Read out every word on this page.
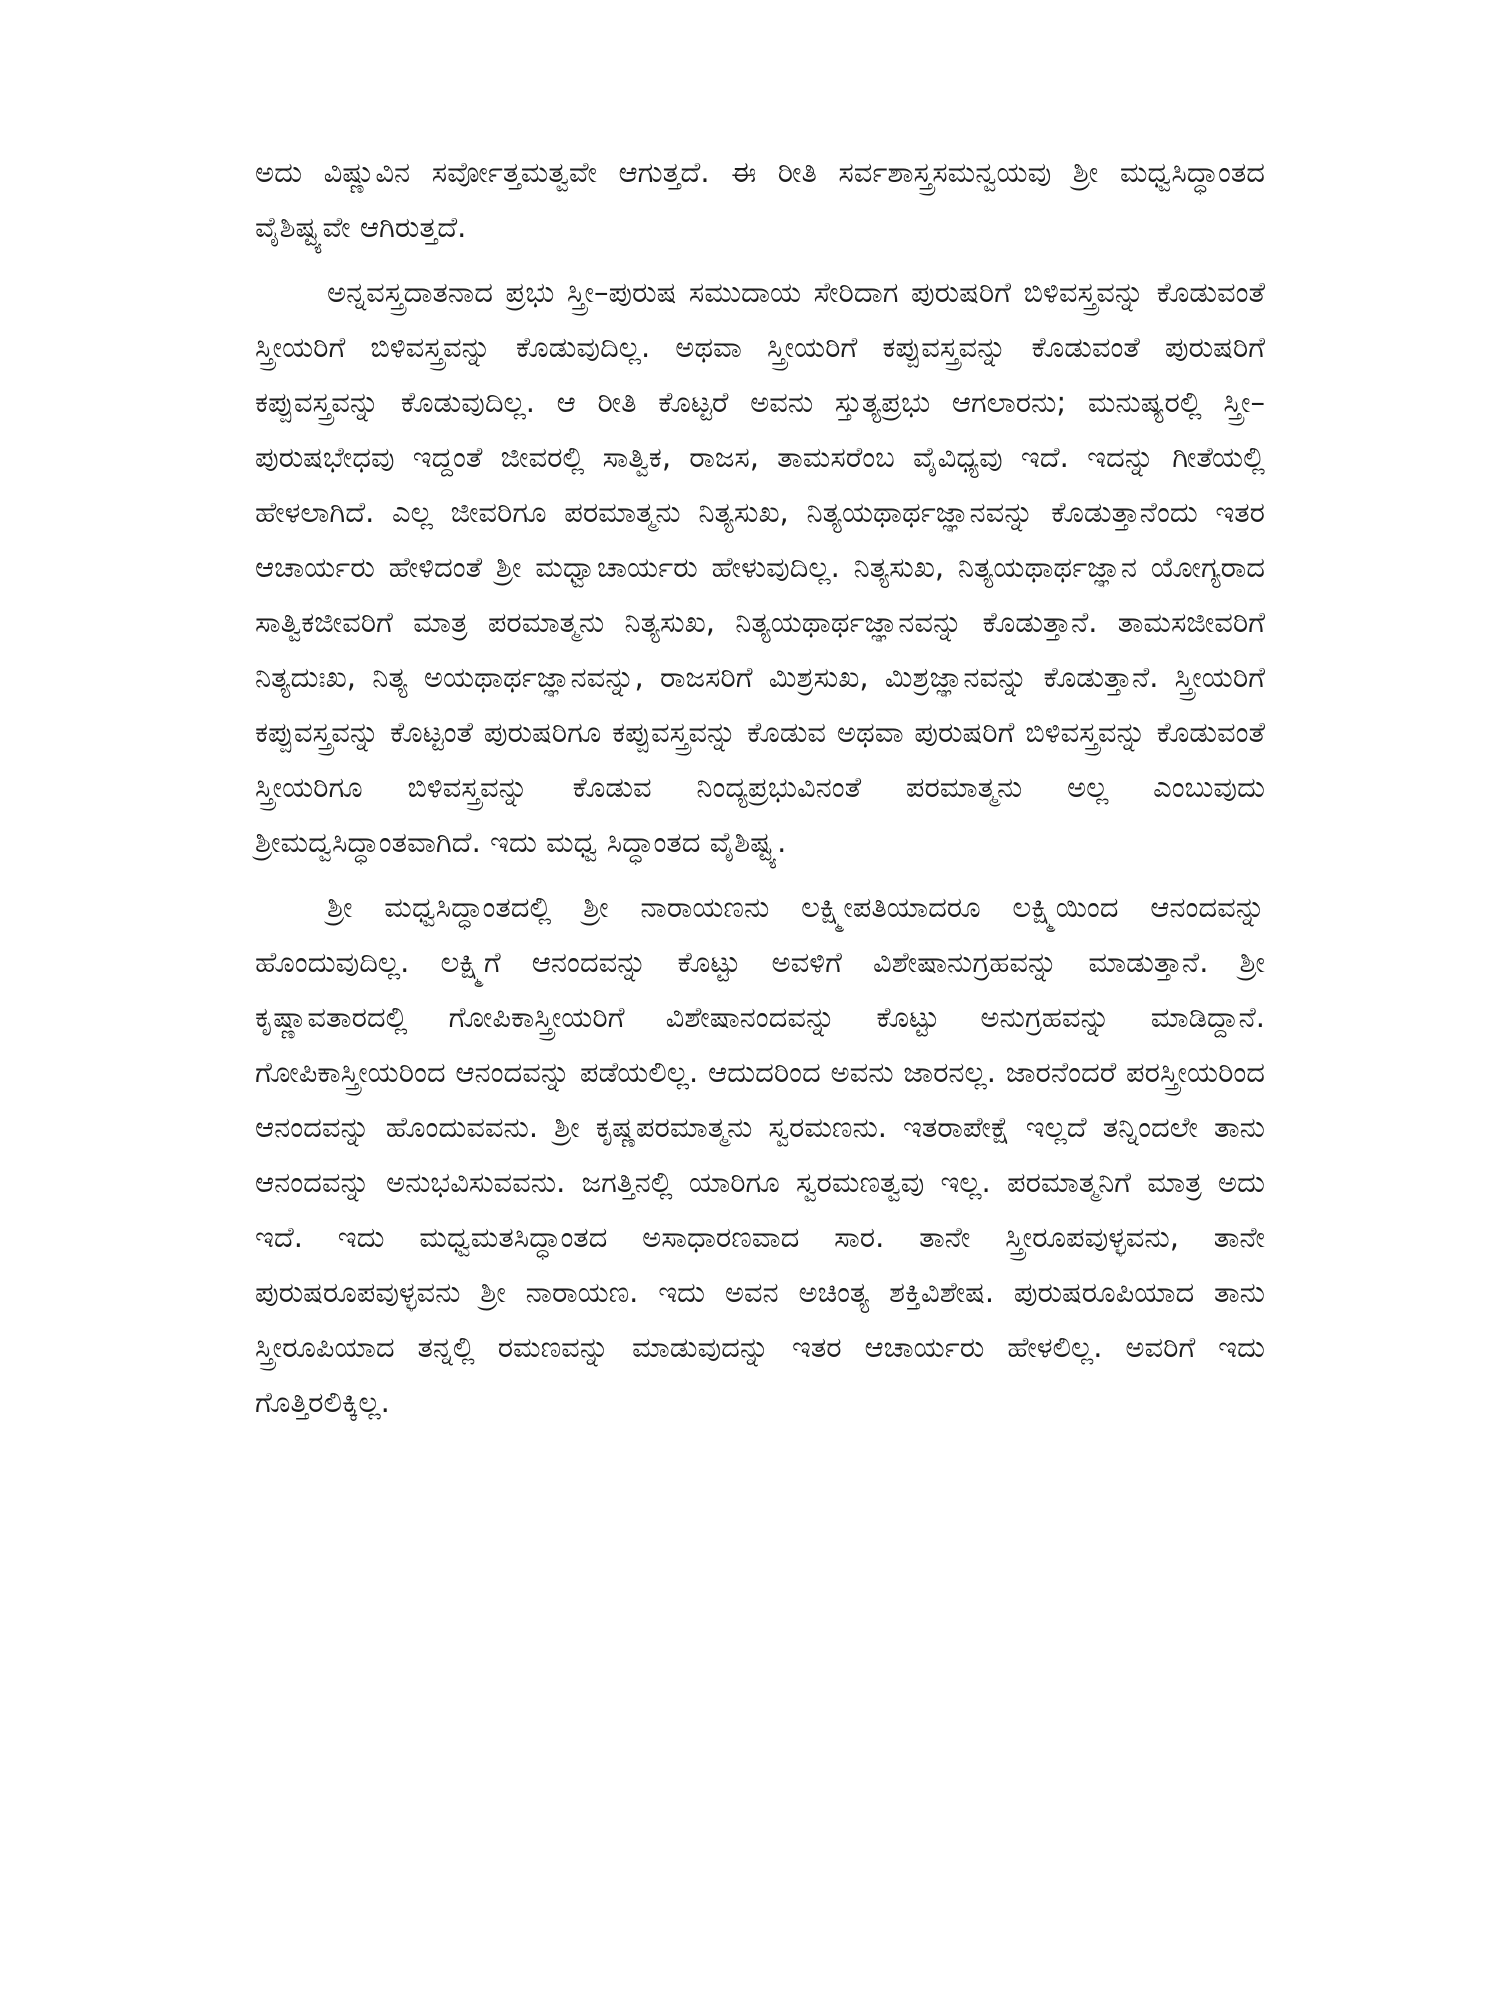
ಅದು ವಿಷ್ಣುವಿನ ಸರ್ವೋತ್ತಮತ್ವವೇ ಆಗುತ್ತದೆ. ಈ ರೀತಿ ಸರ್ವಶಾಸ್ತ್ರಸಮನ್ವಯವು ಶ್ರೀ ಮಧ್ವಸಿದ್ಧಾಂತದ ವೈಶಿಷ್ಟ್ಯವೇ ಆಗಿರುತ್ತದೆ.

ಅನ್ನವಸ್ತ್ರದಾತನಾದ ಪ್ರಭು ಸ್ತ್ರೀ–ಪುರುಷ ಸಮುದಾಯ ಸೇರಿದಾಗ ಪುರುಷರಿಗೆ ಬಿಳಿವಸ್ತ್ರವನ್ನು ಕೊಡುವಂತೆ ಸ್ತ್ರೀಯರಿಗೆ ಬಿಳಿವಸ್ತ್ರವನ್ನು ಕೊಡುವುದಿಲ್ಲ. ಅಥವಾ ಸ್ತ್ರೀಯರಿಗೆ ಕಪ್ಪುವಸ್ತ್ರವನ್ನು ಕೊಡುವಂತೆ ಪುರುಷರಿಗೆ ಕಪ್ಪುವಸ್ತ್ರವನ್ನು ಕೊಡುವುದಿಲ್ಲ. ಆ ರೀತಿ ಕೊಟ್ಟರೆ ಅವನು ಸ್ತುತ್ಯಪ್ರಭು ಆಗಲಾರನು; ಮನುಷ್ಯರಲ್ಲಿ ಸ್ತ್ರೀ–ಪುರುಷಭೇಧವು ಇದ್ದಂತೆ ಜೀವರಲ್ಲಿ ಸಾತ್ವಿಕ, ರಾಜಸ, ತಾಮಸರೆಂಬ ವೈವಿಧ್ಯವು ಇದೆ. ಇದನ್ನು ಗೀತೆಯಲ್ಲಿ ಹೇಳಲಾಗಿದೆ. ಎಲ್ಲ ಜೀವರಿಗೂ ಪರಮಾತ್ಮನು ನಿತ್ಯಸುಖ, ನಿತ್ಯಯಥಾರ್ಥಜ್ಞಾನವನ್ನು ಕೊಡುತ್ತಾನೆಂದು ಇತರ ಆಚಾರ್ಯರು ಹೇಳಿದಂತೆ ಶ್ರೀ ಮಧ್ವಾಚಾರ್ಯರು ಹೇಳುವುದಿಲ್ಲ. ನಿತ್ಯಸುಖ, ನಿತ್ಯಯಥಾರ್ಥಜ್ಞಾನ ಯೋಗ್ಯರಾದ ಸಾತ್ವಿಕಜೀವರಿಗೆ ಮಾತ್ರ ಪರಮಾತ್ಮನು ನಿತ್ಯಸುಖ, ನಿತ್ಯಯಥಾರ್ಥಜ್ಞಾನವನ್ನು ಕೊಡುತ್ತಾನೆ. ತಾಮಸಜೀವರಿಗೆ ನಿತ್ಯದುಃಖ, ನಿತ್ಯ ಅಯಥಾರ್ಥಜ್ಞಾನವನ್ನು, ರಾಜಸರಿಗೆ ಮಿಶ್ರಸುಖ, ಮಿಶ್ರಜ್ಞಾನವನ್ನು ಕೊಡುತ್ತಾನೆ. ಸ್ತ್ರೀಯರಿಗೆ ಕಪ್ಪುವಸ್ತ್ರವನ್ನು ಕೊಟ್ಟಂತೆ ಪುರುಷರಿಗೂ ಕಪ್ಪುವಸ್ತ್ರವನ್ನು ಕೊಡುವ ಅಥವಾ ಪುರುಷರಿಗೆ ಬಿಳಿವಸ್ತ್ರವನ್ನು ಕೊಡುವಂತೆ ಸ್ತ್ರೀಯರಿಗೂ ಬಿಳಿವಸ್ತ್ರವನ್ನು ಕೊಡುವ ನಿಂದ್ಯಪ್ರಭುವಿನಂತೆ ಪರಮಾತ್ಮನು ಅಲ್ಲ ಎಂಬುವುದು ಶ್ರೀಮದ್ವಸಿದ್ಧಾಂತವಾಗಿದೆ. ಇದು ಮಧ್ವ ಸಿದ್ಧಾಂತದ ವೈಶಿಷ್ಟ್ಯ.

ಶ್ರೀ ಮಧ್ವಸಿದ್ಧಾಂತದಲ್ಲಿ ಶ್ರೀ ನಾರಾಯಣನು ಲಕ್ಷ್ಮೀಪತಿಯಾದರೂ ಲಕ್ಷ್ಮಿಯಿಂದ ಆನಂದವನ್ನು ಹೊಂದುವುದಿಲ್ಲ. ಲಕ್ಷ್ಮಿಗೆ ಆನಂದವನ್ನು ಕೊಟ್ಟು ಅವಳಿಗೆ ವಿಶೇಷಾನುಗ್ರಹವನ್ನು ಮಾಡುತ್ತಾನೆ. ಶ್ರೀ ಕೃಷ್ಣಾವತಾರದಲ್ಲಿ ಗೋಪಿಕಾಸ್ತ್ರೀಯರಿಗೆ ವಿಶೇಷಾನಂದವನ್ನು ಕೊಟ್ಟು ಅನುಗ್ರಹವನ್ನು ಮಾಡಿದ್ದಾನೆ. ಗೋಪಿಕಾಸ್ತ್ರೀಯರಿಂದ ಆನಂದವನ್ನು ಪಡೆಯಲಿಲ್ಲ. ಆದುದರಿಂದ ಅವನು ಜಾರನಲ್ಲ. ಜಾರನೆಂದರೆ ಪರಸ್ತ್ರೀಯರಿಂದ ಆನಂದವನ್ನು ಹೊಂದುವವನು. ಶ್ರೀ ಕೃಷ್ಣಪರಮಾತ್ಮನು ಸ್ವರಮಣನು. ಇತರಾಪೇಕ್ಷೆ ಇಲ್ಲದೆ ತನ್ನಿಂದಲೇ ತಾನು ಆನಂದವನ್ನು ಅನುಭವಿಸುವವನು. ಜಗತ್ತಿನಲ್ಲಿ ಯಾರಿಗೂ ಸ್ವರಮಣತ್ವವು ಇಲ್ಲ. ಪರಮಾತ್ಮನಿಗೆ ಮಾತ್ರ ಅದು ಇದೆ. ಇದು ಮಧ್ವಮತಸಿದ್ಧಾಂತದ ಅಸಾಧಾರಣವಾದ ಸಾರ. ತಾನೇ ಸ್ತ್ರೀರೂಪವುಳ್ಳವನು, ತಾನೇ ಪುರುಷರೂಪವುಳ್ಳವನು ಶ್ರೀ ನಾರಾಯಣ. ಇದು ಅವನ ಅಚಿಂತ್ಯ ಶಕ್ತಿವಿಶೇಷ. ಪುರುಷರೂಪಿಯಾದ ತಾನು ಸ್ತ್ರೀರೂಪಿಯಾದ ತನ್ನಲ್ಲಿ ರಮಣವನ್ನು ಮಾಡುವುದನ್ನು ಇತರ ಆಚಾರ್ಯರು ಹೇಳಲಿಲ್ಲ. ಅವರಿಗೆ ಇದು ಗೊತ್ತಿರಲಿಕ್ಕಿಲ್ಲ.
